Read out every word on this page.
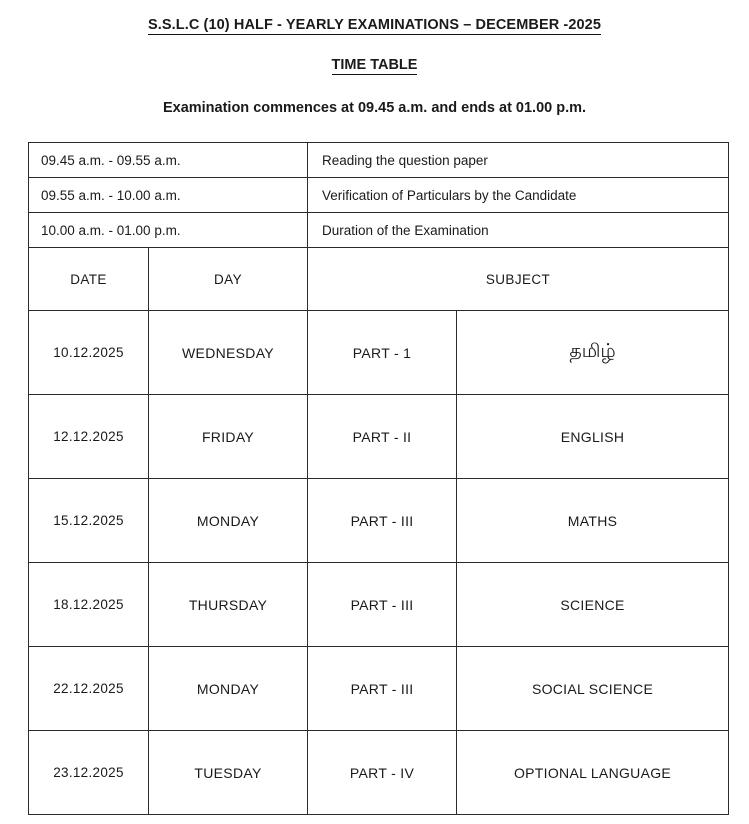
S.S.L.C (10) HALF - YEARLY EXAMINATIONS – DECEMBER -2025
TIME TABLE

Examination commences at 09.45 a.m. and ends at 01.00 p.m.

09.45 a.m. - 09.55 a.m.		Reading the question paper	
09.55 a.m. - 10.00 a.m.		Verification of Particulars by the Candidate	
10.00 a.m. - 01.00 p.m.		Duration of the Examination	
DATE	DAY	SUBJECT	
10.12.2025	WEDNESDAY	PART - 1	தமிழ்
12.12.2025	FRIDAY	PART - II	ENGLISH
15.12.2025	MONDAY	PART - III	MATHS
18.12.2025	THURSDAY	PART - III	SCIENCE
22.12.2025	MONDAY	PART - III	SOCIAL SCIENCE
23.12.2025	TUESDAY	PART - IV	OPTIONAL LANGUAGE
